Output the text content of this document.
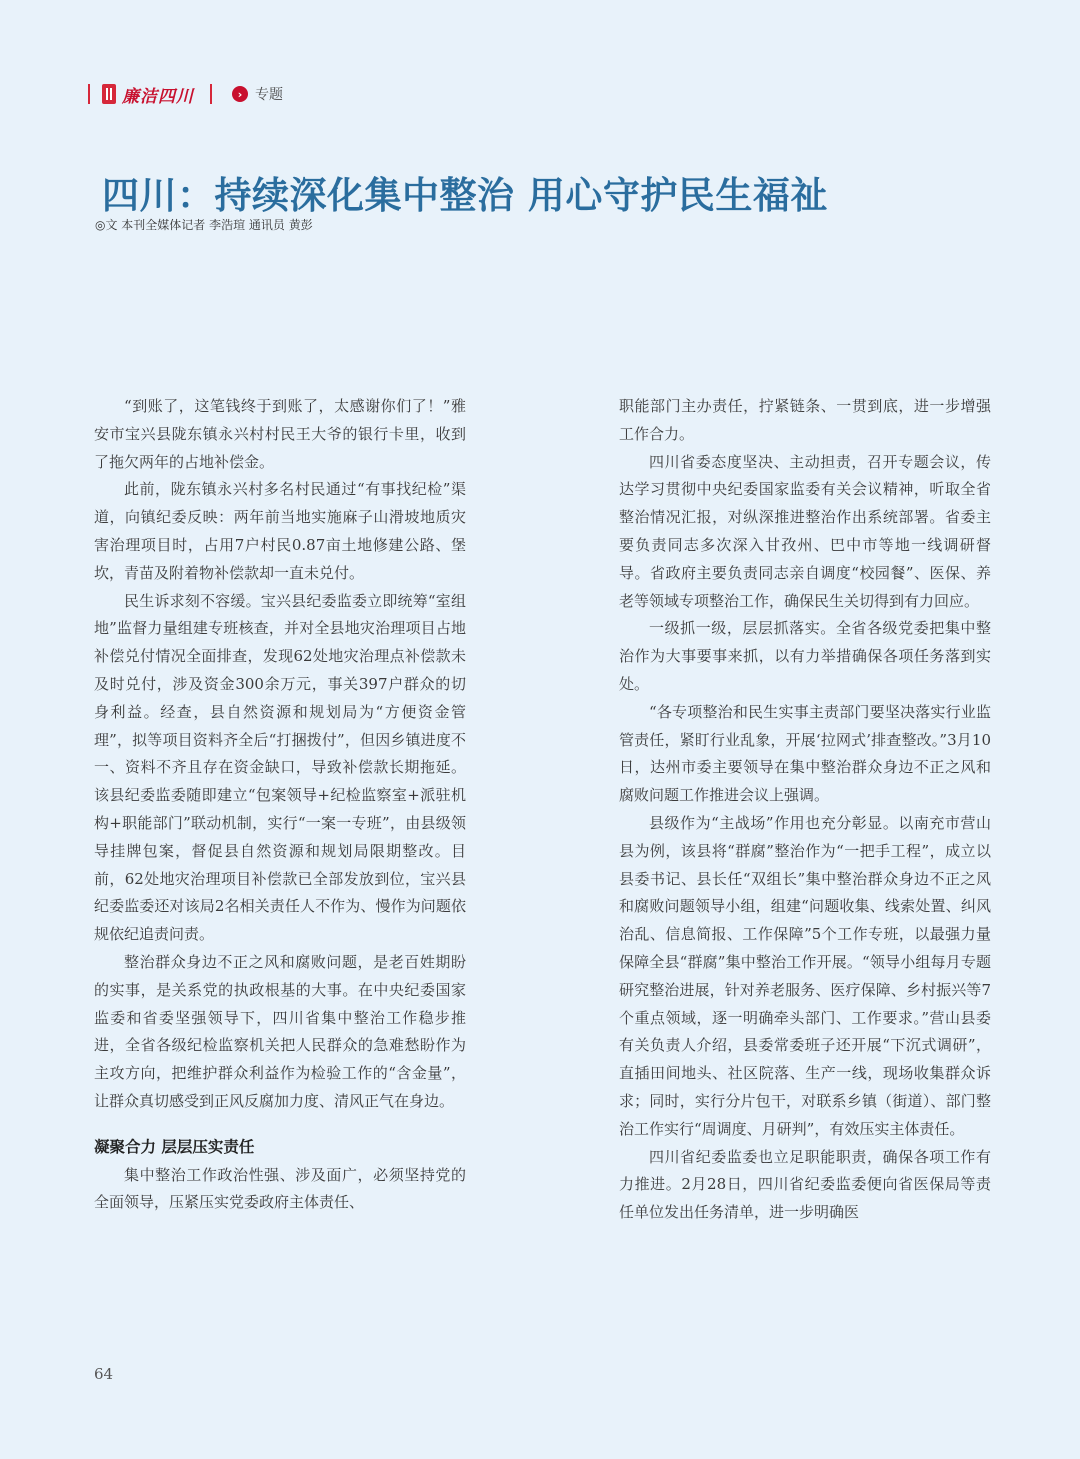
廉洁四川	› 专题
四川：持续深化集中整治 用心守护民生福祉
◎文 本刊全媒体记者 李浩瑄 通讯员 黄彭

“到账了，这笔钱终于到账了，太感谢你们了！”雅安市宝兴县陇东镇永兴村村民王大爷的银行卡里，收到了拖欠两年的占地补偿金。

此前，陇东镇永兴村多名村民通过“有事找纪检”渠道，向镇纪委反映：两年前当地实施麻子山滑坡地质灾害治理项目时，占用7户村民0.87亩土地修建公路、堡坎，青苗及附着物补偿款却一直未兑付。

民生诉求刻不容缓。宝兴县纪委监委立即统筹“室组地”监督力量组建专班核查，并对全县地灾治理项目占地补偿兑付情况全面排查，发现62处地灾治理点补偿款未及时兑付，涉及资金300余万元，事关397户群众的切身利益。经查，县自然资源和规划局为“方便资金管理”，拟等项目资料齐全后“打捆拨付”，但因乡镇进度不一、资料不齐且存在资金缺口，导致补偿款长期拖延。该县纪委监委随即建立“包案领导+纪检监察室+派驻机构+职能部门”联动机制，实行“一案一专班”，由县级领导挂牌包案，督促县自然资源和规划局限期整改。目前，62处地灾治理项目补偿款已全部发放到位，宝兴县纪委监委还对该局2名相关责任人不作为、慢作为问题依规依纪追责问责。

整治群众身边不正之风和腐败问题，是老百姓期盼的实事，是关系党的执政根基的大事。在中央纪委国家监委和省委坚强领导下，四川省集中整治工作稳步推进，全省各级纪检监察机关把人民群众的急难愁盼作为主攻方向，把维护群众利益作为检验工作的“含金量”，让群众真切感受到正风反腐加力度、清风正气在身边。

凝聚合力 层层压实责任

集中整治工作政治性强、涉及面广，必须坚持党的全面领导，压紧压实党委政府主体责任、

职能部门主办责任，拧紧链条、一贯到底，进一步增强工作合力。

四川省委态度坚决、主动担责，召开专题会议，传达学习贯彻中央纪委国家监委有关会议精神，听取全省整治情况汇报，对纵深推进整治作出系统部署。省委主要负责同志多次深入甘孜州、巴中市等地一线调研督导。省政府主要负责同志亲自调度“校园餐”、医保、养老等领域专项整治工作，确保民生关切得到有力回应。

一级抓一级，层层抓落实。全省各级党委把集中整治作为大事要事来抓，以有力举措确保各项任务落到实处。

“各专项整治和民生实事主责部门要坚决落实行业监管责任，紧盯行业乱象，开展‘拉网式’排查整改。”3月10日，达州市委主要领导在集中整治群众身边不正之风和腐败问题工作推进会议上强调。

县级作为“主战场”作用也充分彰显。以南充市营山县为例，该县将“群腐”整治作为“一把手工程”，成立以县委书记、县长任“双组长”集中整治群众身边不正之风和腐败问题领导小组，组建“问题收集、线索处置、纠风治乱、信息简报、工作保障”5个工作专班，以最强力量保障全县“群腐”集中整治工作开展。“领导小组每月专题研究整治进展，针对养老服务、医疗保障、乡村振兴等7个重点领域，逐一明确牵头部门、工作要求。”营山县委有关负责人介绍，县委常委班子还开展“下沉式调研”，直插田间地头、社区院落、生产一线，现场收集群众诉求；同时，实行分片包干，对联系乡镇（街道）、部门整治工作实行“周调度、月研判”，有效压实主体责任。

四川省纪委监委也立足职能职责，确保各项工作有力推进。2月28日，四川省纪委监委便向省医保局等责任单位发出任务清单，进一步明确医

64
